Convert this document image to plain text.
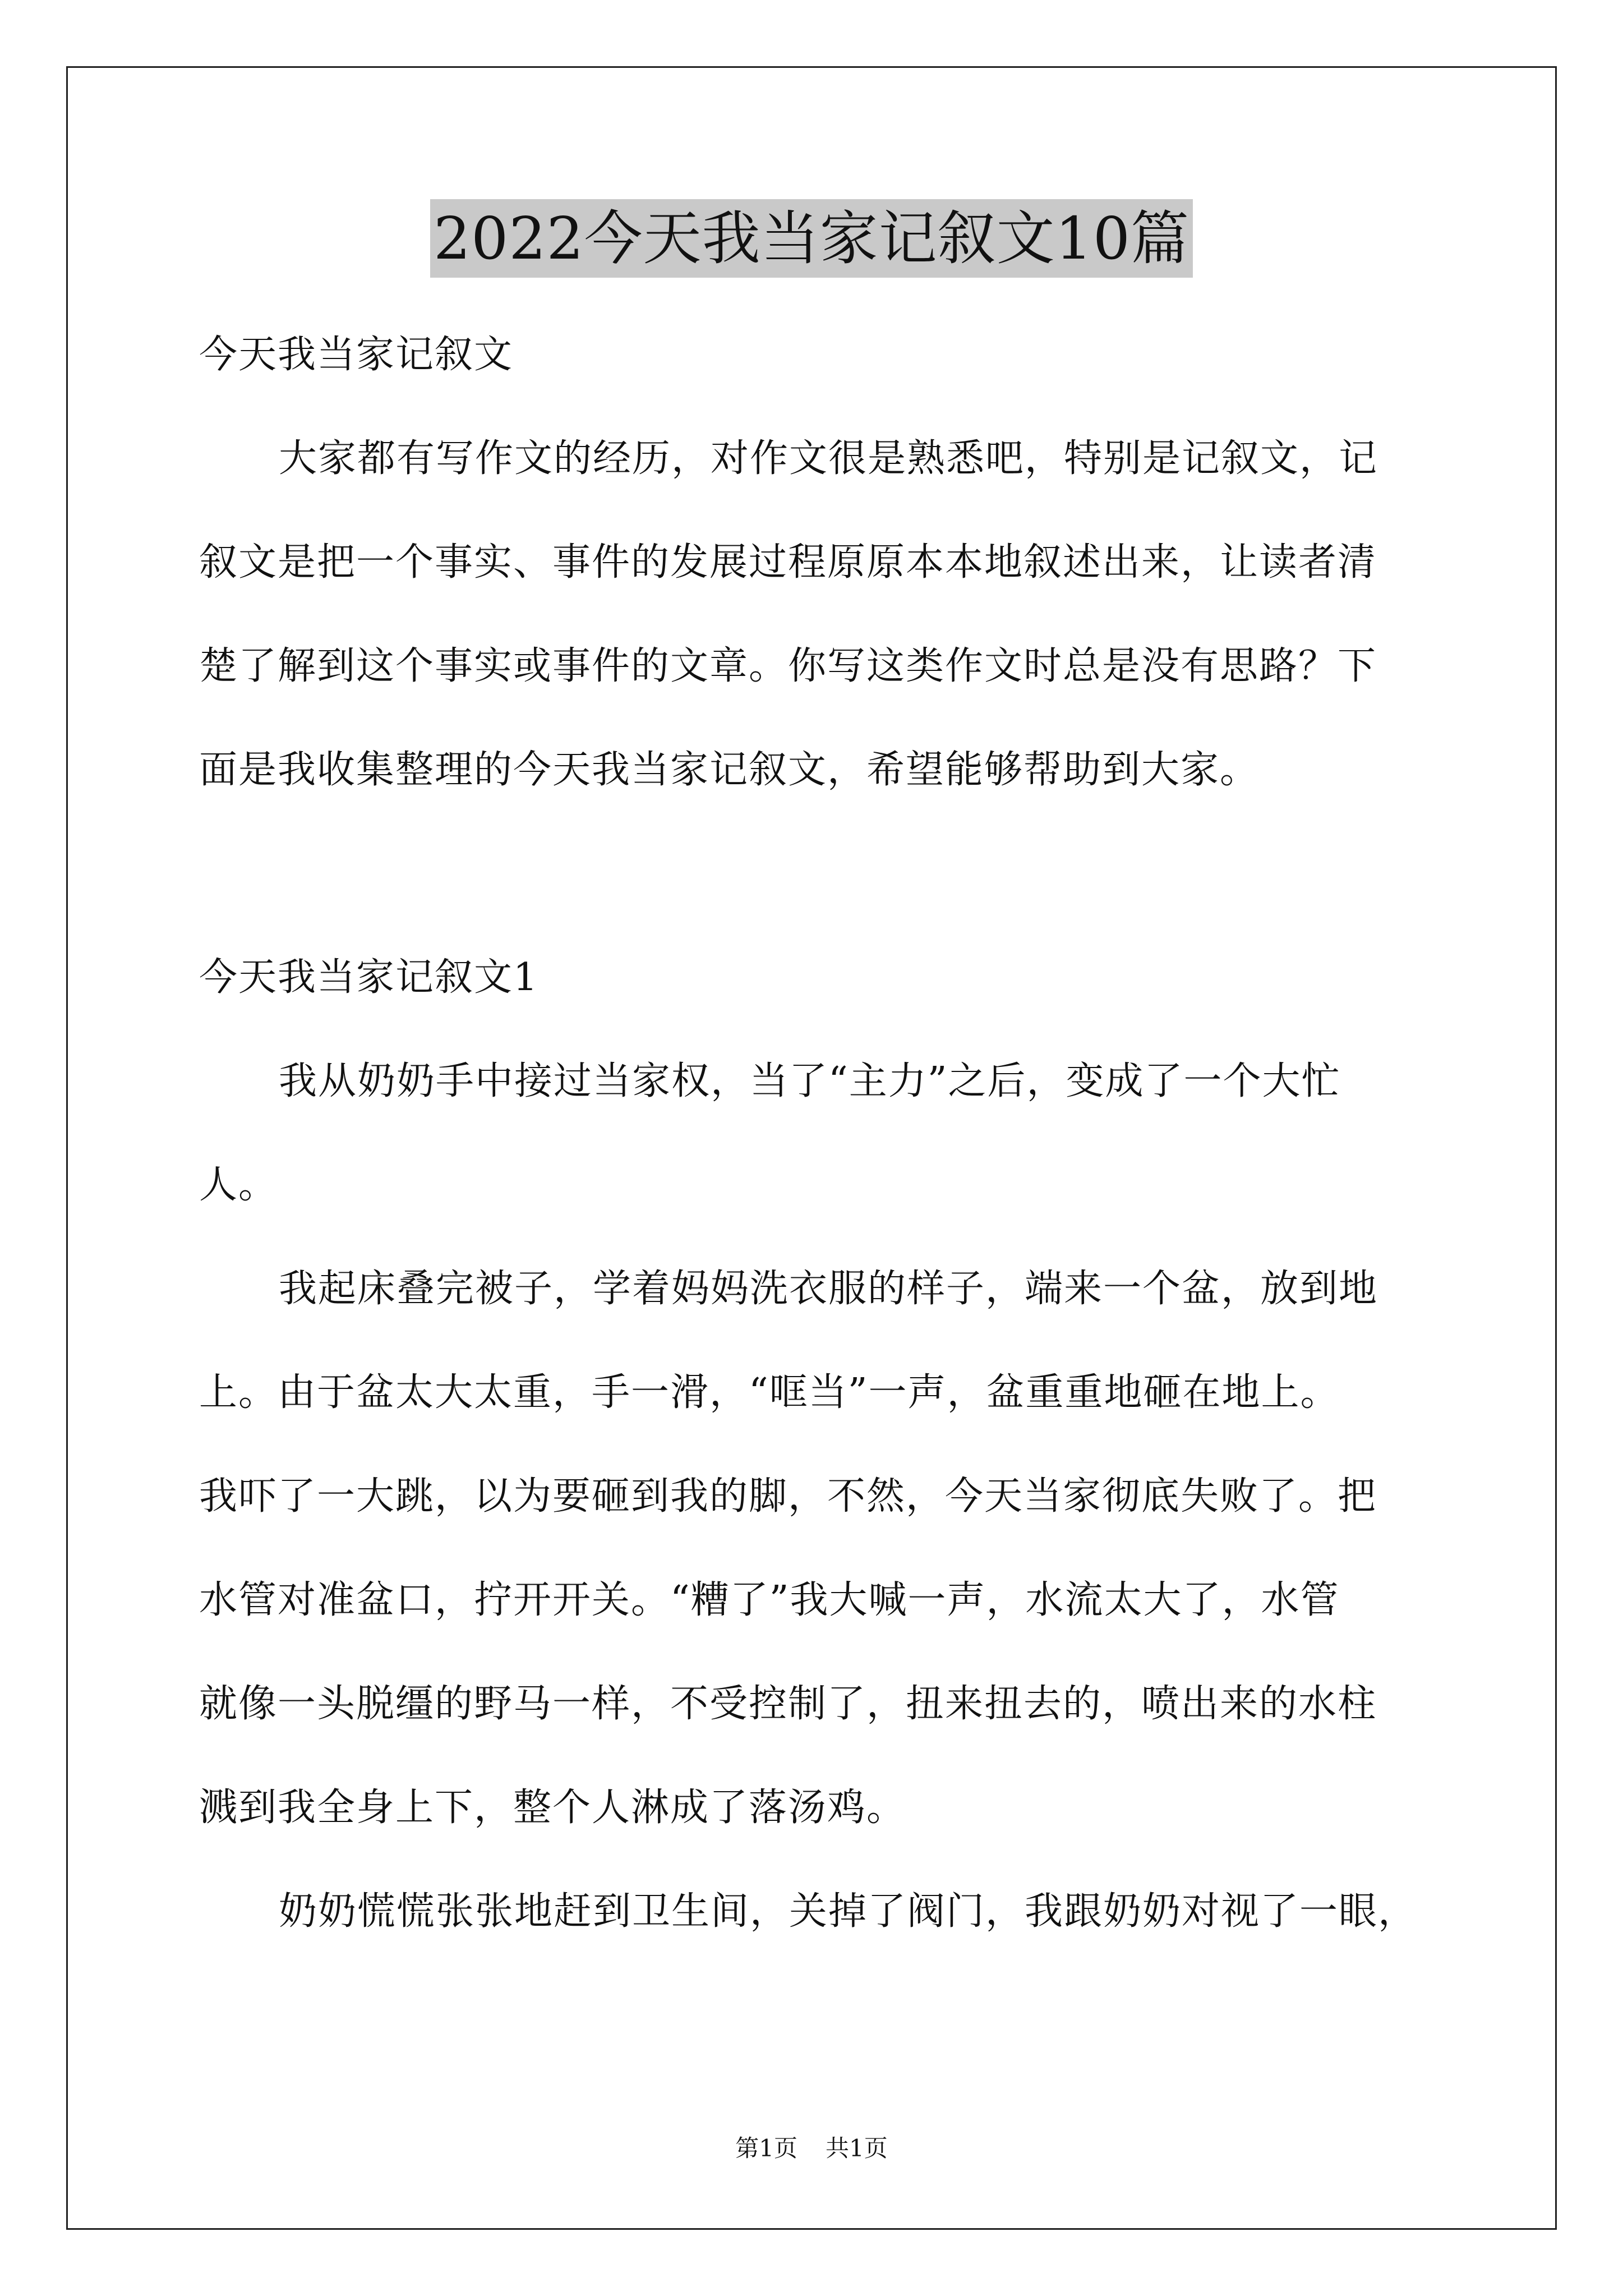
2022今天我当家记叙文10篇
今天我当家记叙文
大家都有写作文的经历，对作文很是熟悉吧，特别是记叙文，记
叙文是把一个事实、事件的发展过程原原本本地叙述出来，让读者清
楚了解到这个事实或事件的文章。你写这类作文时总是没有思路？下
面是我收集整理的今天我当家记叙文，希望能够帮助到大家。
今天我当家记叙文1
我从奶奶手中接过当家权，当了“主力”之后，变成了一个大忙
人。
我起床叠完被子，学着妈妈洗衣服的样子，端来一个盆，放到地
上。由于盆太大太重，手一滑，“哐当”一声，盆重重地砸在地上。
我吓了一大跳，以为要砸到我的脚，不然，今天当家彻底失败了。把
水管对准盆口，拧开开关。“糟了”我大喊一声，水流太大了，水管
就像一头脱缰的野马一样，不受控制了，扭来扭去的，喷出来的水柱
溅到我全身上下，整个人淋成了落汤鸡。
奶奶慌慌张张地赶到卫生间，关掉了阀门，我跟奶奶对视了一眼，
第1页 共1页
